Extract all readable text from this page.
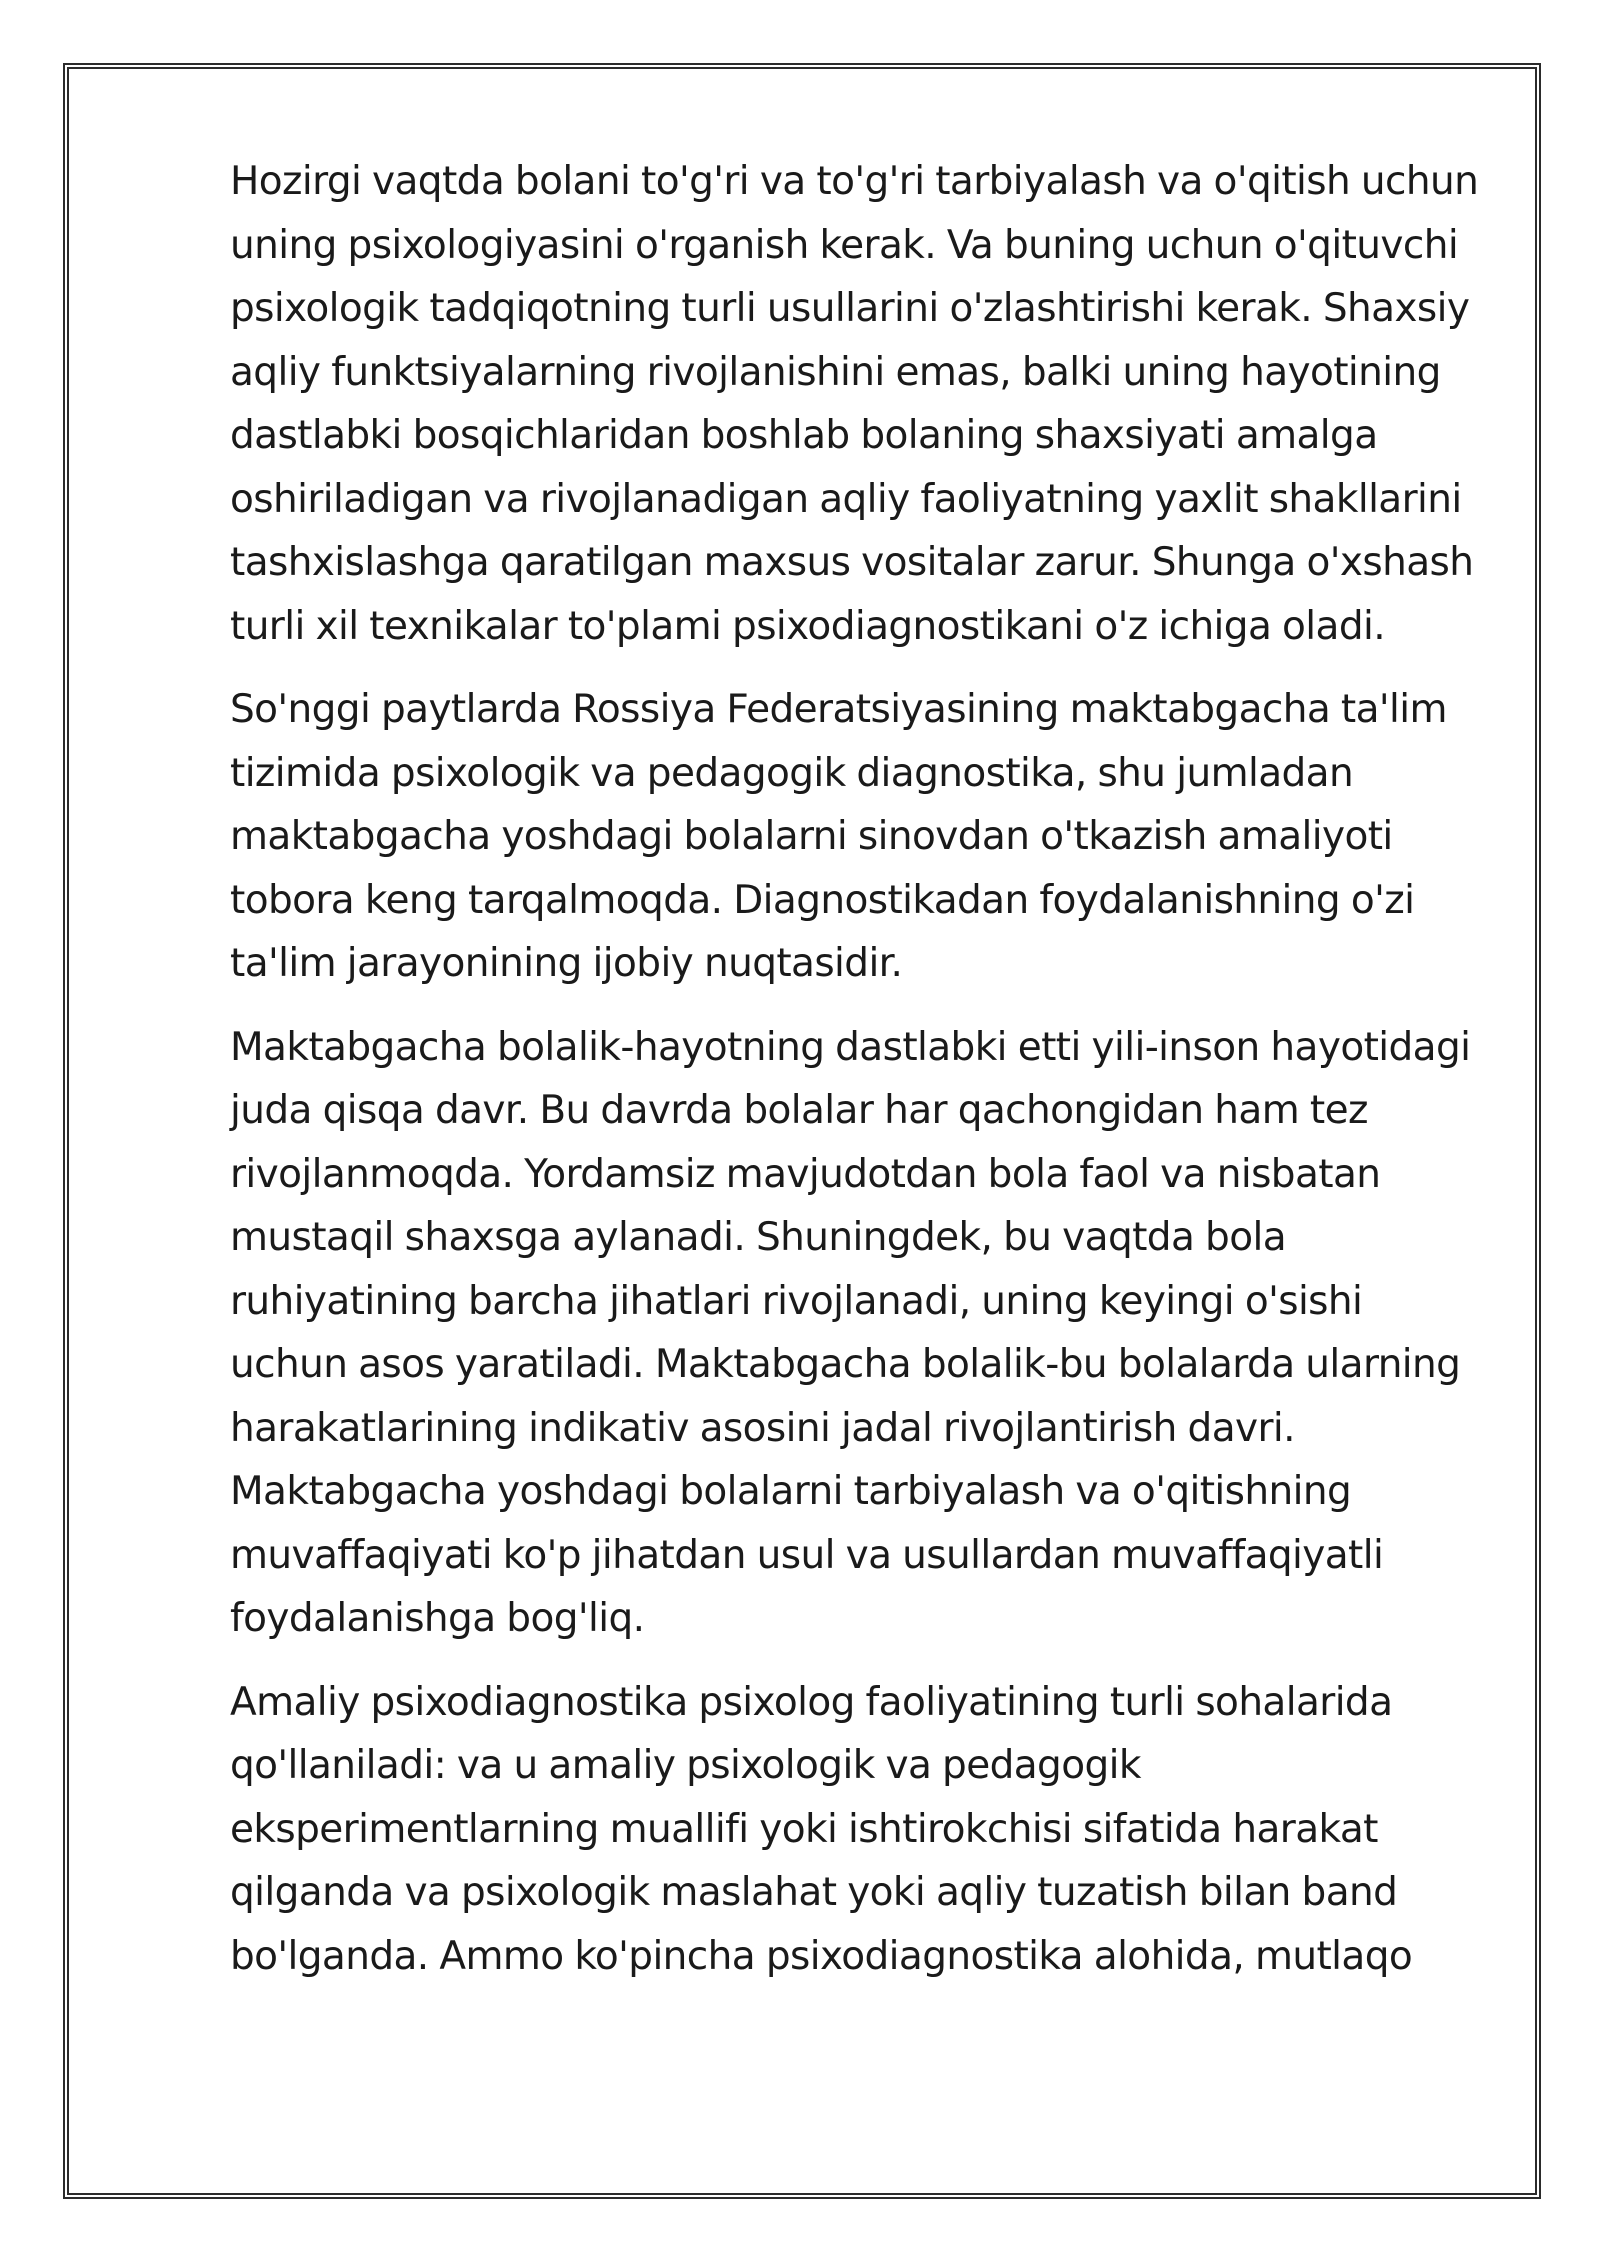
Hozirgi vaqtda bolani to'g'ri va to'g'ri tarbiyalash va o'qitish uchun uning psixologiyasini o'rganish kerak. Va buning uchun o'qituvchi psixologik tadqiqotning turli usullarini o'zlashtirishi kerak. Shaxsiy aqliy funktsiyalarning rivojlanishini emas, balki uning hayotining dastlabki bosqichlaridan boshlab bolaning shaxsiyati amalga oshiriladigan va rivojlanadigan aqliy faoliyatning yaxlit shakllarini tashxislashga qaratilgan maxsus vositalar zarur. Shunga o'xshash turli xil texnikalar to'plami psixodiagnostikani o'z ichiga oladi.

So'nggi paytlarda Rossiya Federatsiyasining maktabgacha ta'lim tizimida psixologik va pedagogik diagnostika, shu jumladan maktabgacha yoshdagi bolalarni sinovdan o'tkazish amaliyoti tobora keng tarqalmoqda. Diagnostikadan foydalanishning o'zi ta'lim jarayonining ijobiy nuqtasidir.

Maktabgacha bolalik-hayotning dastlabki etti yili-inson hayotidagi juda qisqa davr. Bu davrda bolalar har qachongidan ham tez rivojlanmoqda. Yordamsiz mavjudotdan bola faol va nisbatan mustaqil shaxsga aylanadi. Shuningdek, bu vaqtda bola ruhiyatining barcha jihatlari rivojlanadi, uning keyingi o'sishi uchun asos yaratiladi. Maktabgacha bolalik-bu bolalarda ularning harakatlarining indikativ asosini jadal rivojlantirish davri. Maktabgacha yoshdagi bolalarni tarbiyalash va o'qitishning muvaffaqiyati ko'p jihatdan usul va usullardan muvaffaqiyatli foydalanishga bog'liq.

Amaliy psixodiagnostika psixolog faoliyatining turli sohalarida qo'llaniladi: va u amaliy psixologik va pedagogik eksperimentlarning muallifi yoki ishtirokchisi sifatida harakat qilganda va psixologik maslahat yoki aqliy tuzatish bilan band bo'lganda. Ammo ko'pincha psixodiagnostika alohida, mutlaqo
